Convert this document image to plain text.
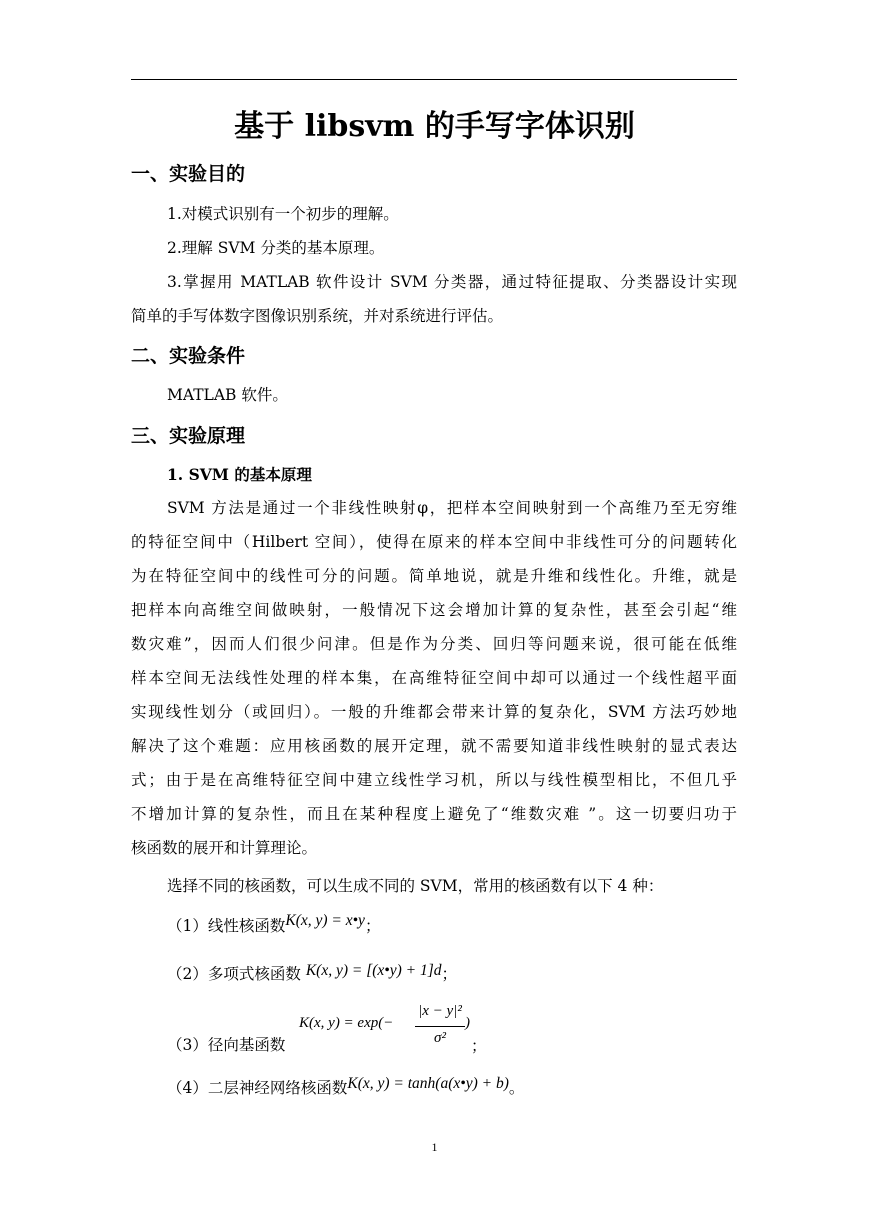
基于 libsvm 的手写字体识别
一、实验目的
1.对模式识别有一个初步的理解。
2.理解 SVM 分类的基本原理。
3.掌握用 MATLAB 软件设计 SVM 分类器，通过特征提取、分类器设计实现
简单的手写体数字图像识别系统，并对系统进行评估。
二、实验条件
MATLAB 软件。
三、实验原理
1. SVM 的基本原理
SVM 方法是通过一个非线性映射φ，把样本空间映射到一个高维乃至无穷维
的特征空间中（Hilbert 空间），使得在原来的样本空间中非线性可分的问题转化
为在特征空间中的线性可分的问题。简单地说，就是升维和线性化。升维，就是
把样本向高维空间做映射，一般情况下这会增加计算的复杂性，甚至会引起“维
数灾难”，因而人们很少问津。但是作为分类、回归等问题来说，很可能在低维
样本空间无法线性处理的样本集，在高维特征空间中却可以通过一个线性超平面
实现线性划分（或回归）。一般的升维都会带来计算的复杂化，SVM 方法巧妙地
解决了这个难题：应用核函数的展开定理，就不需要知道非线性映射的显式表达
式；由于是在高维特征空间中建立线性学习机，所以与线性模型相比，不但几乎
不增加计算的复杂性，而且在某种程度上避免了“维数灾难 ”。这一切要归功于
核函数的展开和计算理论。
选择不同的核函数，可以生成不同的 SVM，常用的核函数有以下 4 种：
（1）线性核函数K(x, y) = x•y；
（2）多项式核函数 K(x, y) = [(x•y) + 1]d；
（3）径向基函数
K(x, y) = exp(−
|x − y|²
σ²
)
；
（4）二层神经网络核函数K(x, y) = tanh(a(x•y) + b)。
1
